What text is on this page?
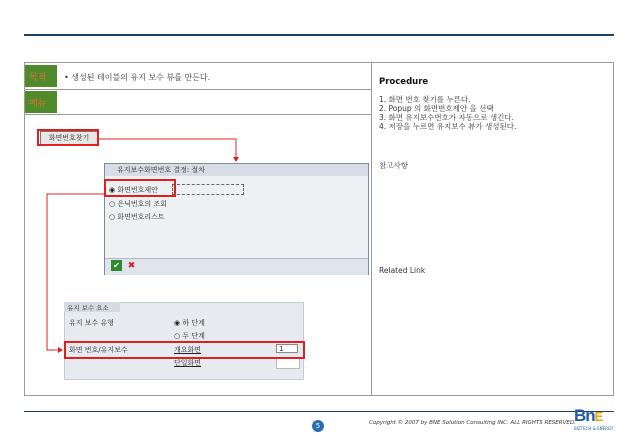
목적	• 생성된 테이블의 유지 보수 뷰를 만든다.
메뉴
Procedure
1. 화면 번호 찾기를 누른다.
2. Popup 의 화면번호제안 을 선택
3. 화면 유지보수번호가 자동으로 생긴다.
4. 저장을 누르면 유지보수 뷰가 생성된다.
참고사항
Related Link
화면번호찾기
유지보수화면번호 결정: 절차
◉ 화면번호제안
○ 은닉번호의 조회
○ 화면번호리스트
✔ ✖
유지 보수 요소
유지 보수 유형	◉ 하 단계
○ 두 단계
화면 번호/유지보수	개요화면	1
단일화면
5	Copyright © 2007 by BNE Solution Consulting INC. ALL RIGHTS RESERVED.
BnE
BIZTECH & ENERGY
